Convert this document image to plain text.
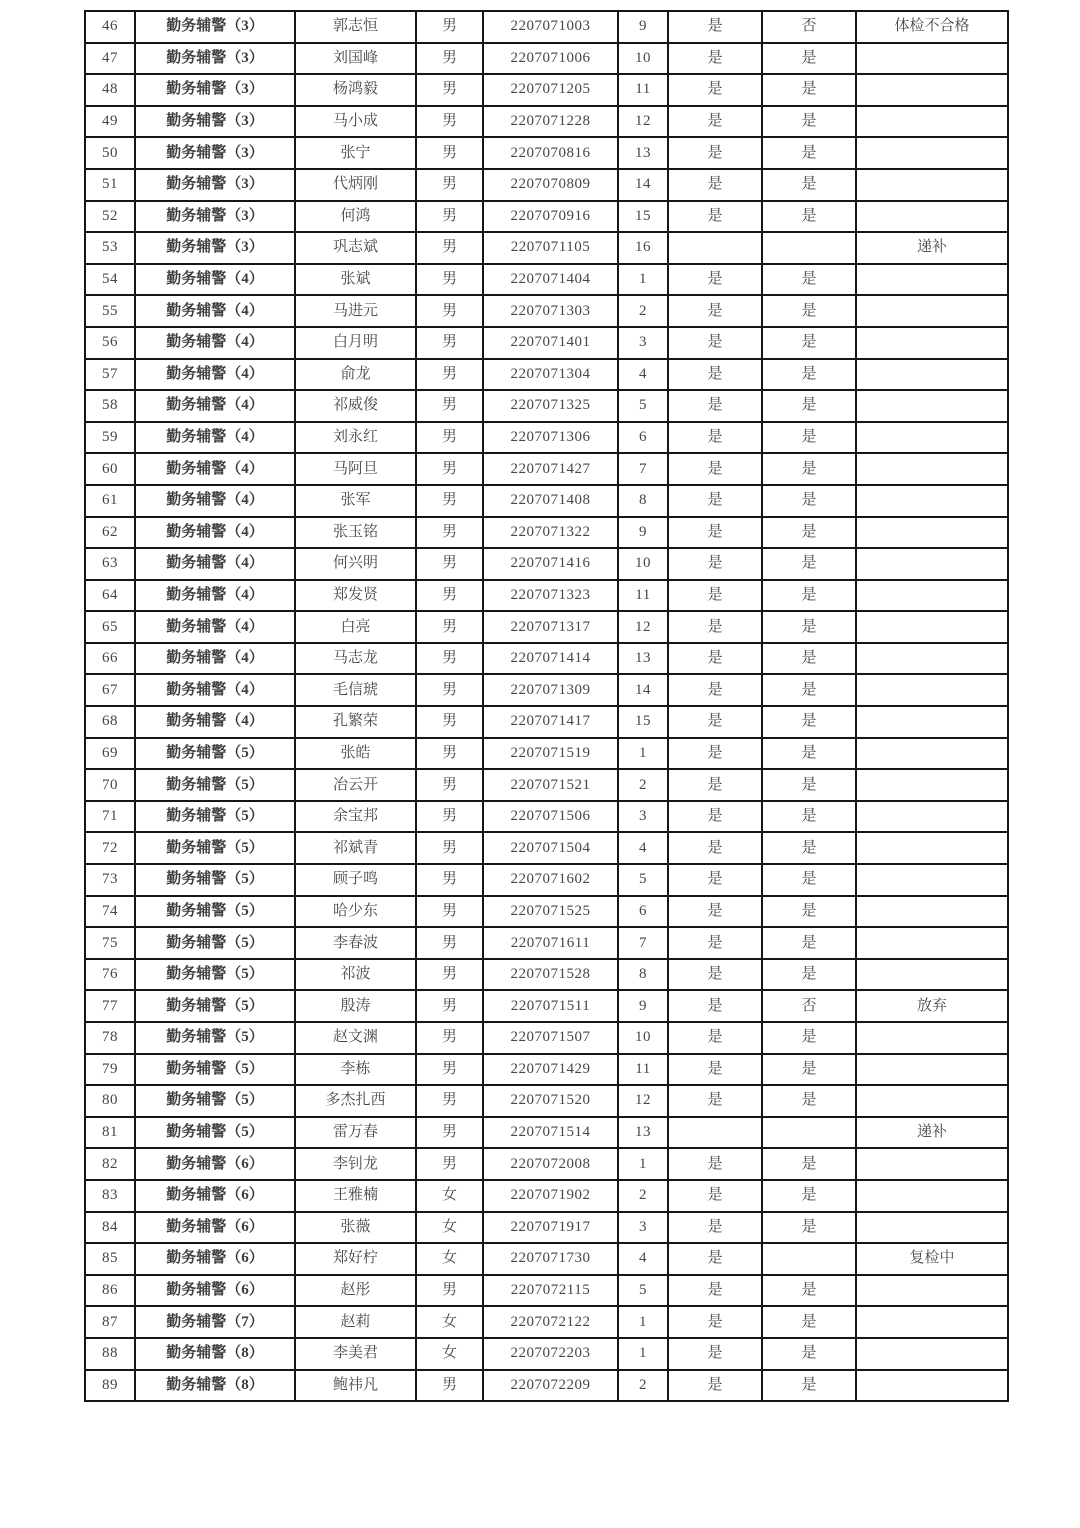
46	勤务辅警（3）	郭志恒	男	2207071003	9	是	否	体检不合格
47	勤务辅警（3）	刘国峰	男	2207071006	10	是	是	
48	勤务辅警（3）	杨鸿毅	男	2207071205	11	是	是	
49	勤务辅警（3）	马小成	男	2207071228	12	是	是	
50	勤务辅警（3）	张宁	男	2207070816	13	是	是	
51	勤务辅警（3）	代炳刚	男	2207070809	14	是	是	
52	勤务辅警（3）	何鸿	男	2207070916	15	是	是	
53	勤务辅警（3）	巩志斌	男	2207071105	16			递补
54	勤务辅警（4）	张斌	男	2207071404	1	是	是	
55	勤务辅警（4）	马进元	男	2207071303	2	是	是	
56	勤务辅警（4）	白月明	男	2207071401	3	是	是	
57	勤务辅警（4）	俞龙	男	2207071304	4	是	是	
58	勤务辅警（4）	祁威俊	男	2207071325	5	是	是	
59	勤务辅警（4）	刘永红	男	2207071306	6	是	是	
60	勤务辅警（4）	马阿旦	男	2207071427	7	是	是	
61	勤务辅警（4）	张军	男	2207071408	8	是	是	
62	勤务辅警（4）	张玉铭	男	2207071322	9	是	是	
63	勤务辅警（4）	何兴明	男	2207071416	10	是	是	
64	勤务辅警（4）	郑发贤	男	2207071323	11	是	是	
65	勤务辅警（4）	白亮	男	2207071317	12	是	是	
66	勤务辅警（4）	马志龙	男	2207071414	13	是	是	
67	勤务辅警（4）	毛信琥	男	2207071309	14	是	是	
68	勤务辅警（4）	孔繁荣	男	2207071417	15	是	是	
69	勤务辅警（5）	张皓	男	2207071519	1	是	是	
70	勤务辅警（5）	冶云开	男	2207071521	2	是	是	
71	勤务辅警（5）	余宝邦	男	2207071506	3	是	是	
72	勤务辅警（5）	祁斌青	男	2207071504	4	是	是	
73	勤务辅警（5）	顾子鸣	男	2207071602	5	是	是	
74	勤务辅警（5）	哈少东	男	2207071525	6	是	是	
75	勤务辅警（5）	李春波	男	2207071611	7	是	是	
76	勤务辅警（5）	祁波	男	2207071528	8	是	是	
77	勤务辅警（5）	殷涛	男	2207071511	9	是	否	放弃
78	勤务辅警（5）	赵文渊	男	2207071507	10	是	是	
79	勤务辅警（5）	李栋	男	2207071429	11	是	是	
80	勤务辅警（5）	多杰扎西	男	2207071520	12	是	是	
81	勤务辅警（5）	雷万春	男	2207071514	13			递补
82	勤务辅警（6）	李钊龙	男	2207072008	1	是	是	
83	勤务辅警（6）	王雅楠	女	2207071902	2	是	是	
84	勤务辅警（6）	张薇	女	2207071917	3	是	是	
85	勤务辅警（6）	郑好柠	女	2207071730	4	是		复检中
86	勤务辅警（6）	赵彤	男	2207072115	5	是	是	
87	勤务辅警（7）	赵莉	女	2207072122	1	是	是	
88	勤务辅警（8）	李美君	女	2207072203	1	是	是	
89	勤务辅警（8）	鲍祎凡	男	2207072209	2	是	是	
